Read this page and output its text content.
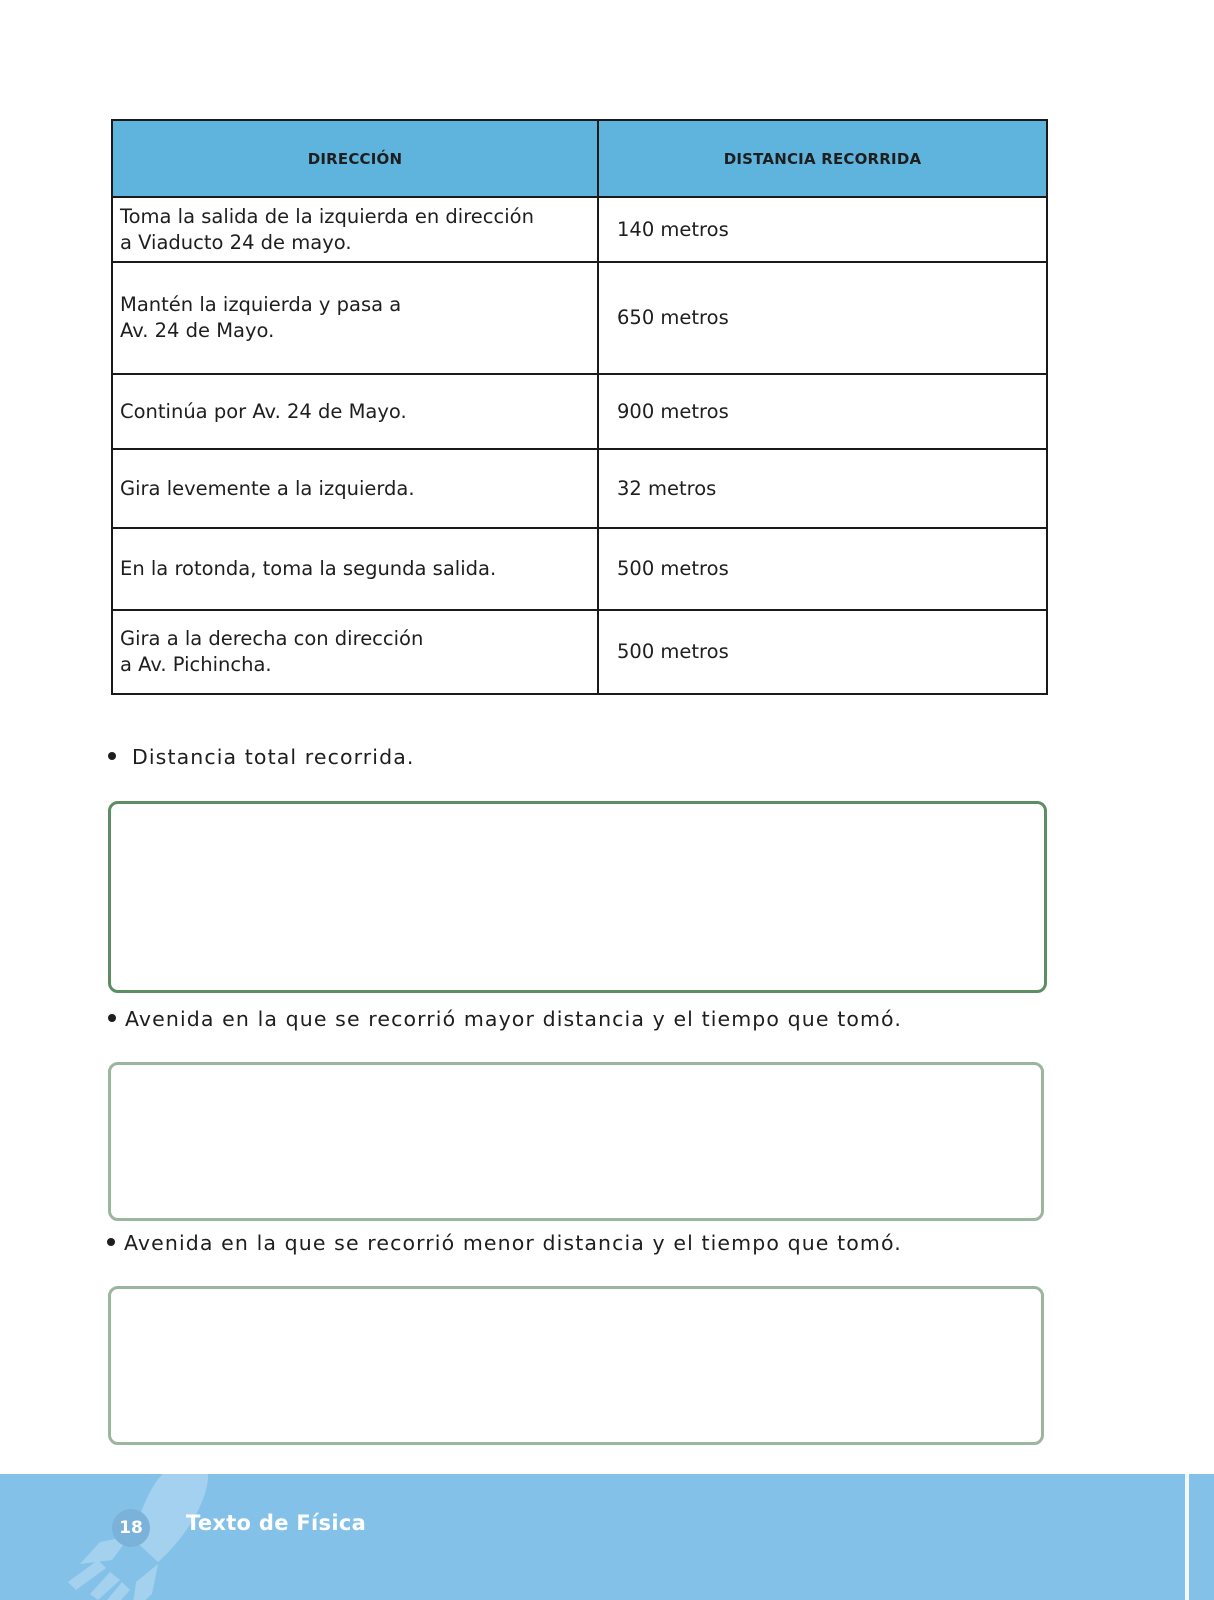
DIRECCIÓN	DISTANCIA RECORRIDA

Toma la salida de la izquierda en dirección
a Viaducto 24 de mayo.	140 metros

Mantén la izquierda y pasa a
Av. 24 de Mayo.	650 metros

Continúa por Av. 24 de Mayo.	900 metros

Gira levemente a la izquierda.	32 metros

En la rotonda, toma la segunda salida.	500 metros

Gira a la derecha con dirección
a Av. Pichincha.	500 metros
Distancia total recorrida.
Avenida en la que se recorrió mayor distancia y el tiempo que tomó.
Avenida en la que se recorrió menor distancia y el tiempo que tomó.
18	Texto de Física
